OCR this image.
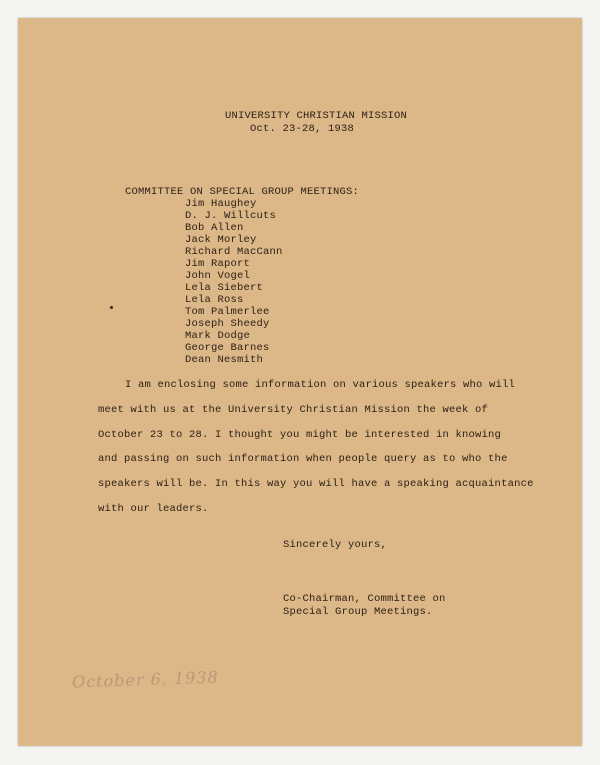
UNIVERSITY CHRISTIAN MISSION
Oct. 23-28, 1938
COMMITTEE ON SPECIAL GROUP MEETINGS:
Jim Haughey
D. J. Willcuts
Bob Allen
Jack Morley
Richard MacCann
Jim Raport
John Vogel
Lela Siebert
Lela Ross
Tom Palmerlee
Joseph Sheedy
Mark Dodge
George Barnes
Dean Nesmith

I am enclosing some information on various speakers who will

meet with us at the University Christian Mission the week of

October 23 to 28. I thought you might be interested in knowing

and passing on such information when people query as to who the

speakers will be. In this way you will have a speaking acquaintance

with our leaders.

Sincerely yours,
Co-Chairman, Committee on
Special Group Meetings.
October 6, 1938
